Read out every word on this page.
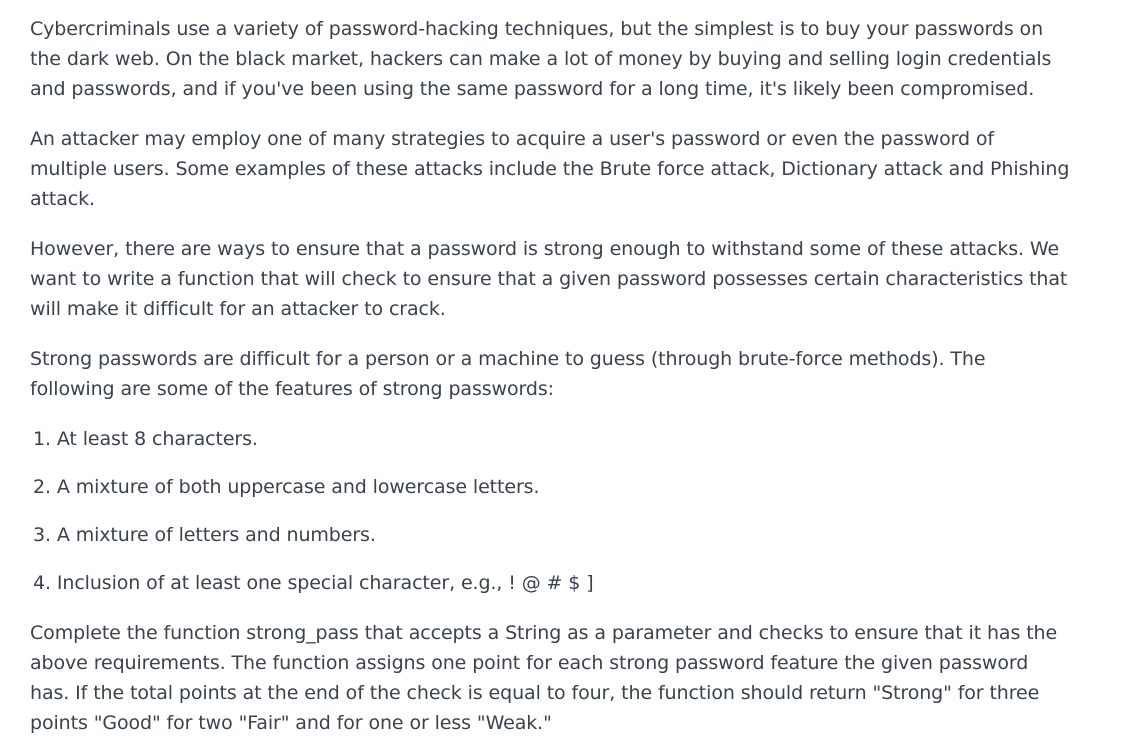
Cybercriminals use a variety of password-hacking techniques, but the simplest is to buy your passwords on the dark web. On the black market, hackers can make a lot of money by buying and selling login credentials and passwords, and if you've been using the same password for a long time, it's likely been compromised.

An attacker may employ one of many strategies to acquire a user's password or even the password of multiple users. Some examples of these attacks include the Brute force attack, Dictionary attack and Phishing attack.

However, there are ways to ensure that a password is strong enough to withstand some of these attacks. We want to write a function that will check to ensure that a given password possesses certain characteristics that will make it difficult for an attacker to crack.

Strong passwords are difficult for a person or a machine to guess (through brute-force methods). The following are some of the features of strong passwords:

1. At least 8 characters.
2. A mixture of both uppercase and lowercase letters.
3. A mixture of letters and numbers.
4. Inclusion of at least one special character, e.g., ! @ # $ ]

Complete the function strong_pass that accepts a String as a parameter and checks to ensure that it has the above requirements. The function assigns one point for each strong password feature the given password has. If the total points at the end of the check is equal to four, the function should return "Strong" for three points "Good" for two "Fair" and for one or less "Weak."
